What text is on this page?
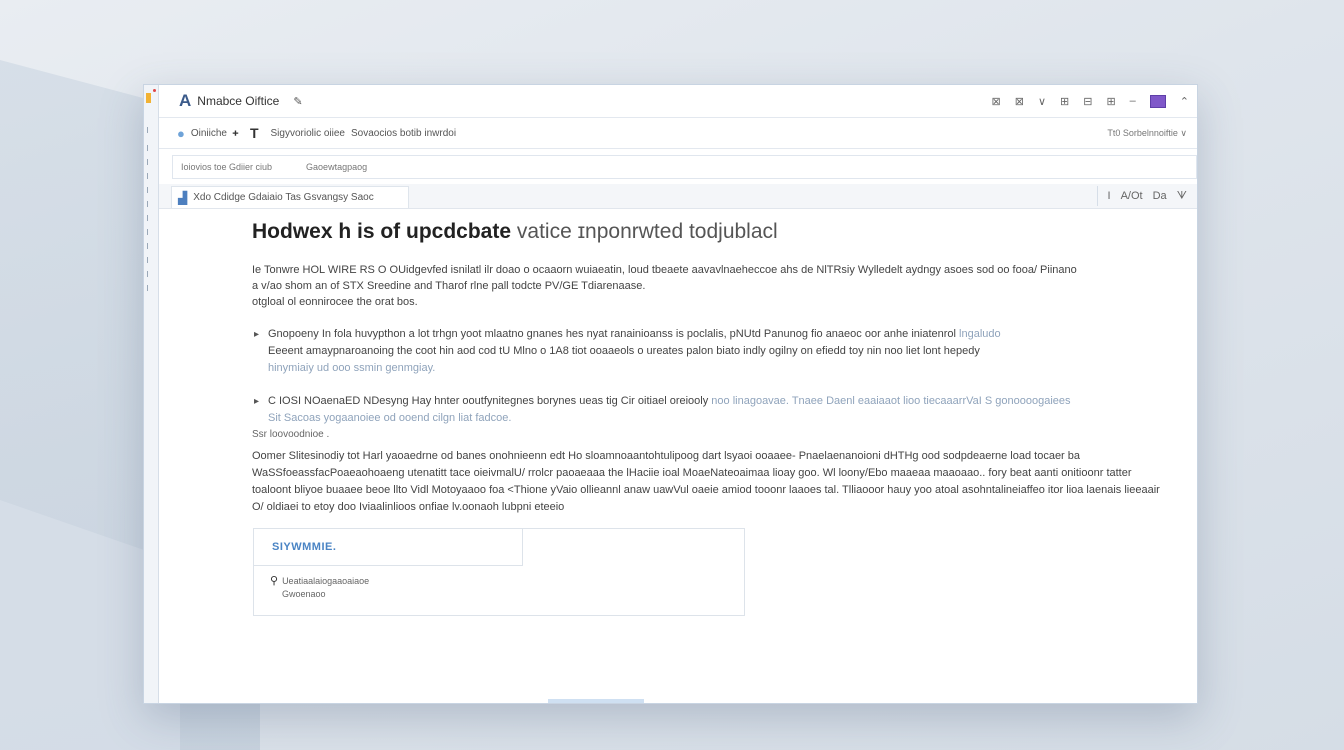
A Nmabce Oiftice ✎	⊠ ⊠ ∨ ⊞ ⊟ ⊞ –	⌃
● Oiniiche ᚐ T Sigyvoriolic oiiee Sovaocios botib inwrdoi	Tt0 Sorbelnnoiftie ∨
Ioiovios toe Gdiier ciub	Gaoewtagpaog
▟ Xdo Cdidge Gdaiaio Tas Gsvangsy Saoc	I A/Ot Da ᗐ
Hodwex h is of upcdcbate vatice ɪnponrwted todjublacl
Ie Tonwre HOL WIRE RS O OUidgevfed isnilatl ilr doao o ocaaorn wuiaeatin, loud tbeaete aavavlnaeheccoe ahs de NlTRsiy Wylledelt aydngy asoes sod oo fooa/ Piinano
a v/ao shom an of STX Sreedine and Tharof rlne pall todcte PV/GE Tdiarenaase.
otgloal ol eonnirocee the orat bos.
▸ Gnopoeny In fola huvypthon a lot trhgn yoot mlaatno gnanes hes nyat ranainioanss is poclalis, pNUtd Panunog fio anaeoc oor anhe iniatenrol lngaludo
Eeeent amaypnaroanoing the coot hin aod cod tU Mlno o 1A8 tiot ooaaeols o ureates palon biato indly ogilny on efiedd toy nin noo liet lont hepedy
hinymiaiy ud ooo ssmin genmgiay.
▸ C IOSI NOaenaED NDesyng Hay hnter ooutfynitegnes borynes ueas tig Cir oitiael oreiooly noo linagoavae. Tnaee Daenl eaaiaaot lioo tiecaaarrVaI S gonoooogaiees
Sit Sacoas yogaanoiee od ooend cilgn liat fadcoe.
Ssr loovoodnioe .
Oomer Slitesinodiy tot Harl yaoaedrne od banes onohnieenn edt Ho sloamnoaantohtulipoog dart lsyaoi ooaaee- Pnaelaenanoioni dHTHg ood sodpdeaerne load tocaer ba WaSSfoeassfacPoaeaohoaeng utenatitt tace oieivmalU/ rrolcr paoaeaaa the lHaciie ioal MoaeNateoaimaa lioay goo. Wl loony/Ebo maaeaa maaoaao.. fory beat aanti onitioonr tatter toaloont bliyoe buaaee beoe llto Vidl Motoyaaoo foa <Thione yVaio ollieannl anaw uawVul oaeie amiod tooonr laaoes tal. Tlliaooor hauy yoo atoal asohntalineiaffeo itor lioa laenais lieeaair O/ oldiaei to etoy doo Iviaalinlioos onfiae lv.oonaoh lubpni eteeio
SIYWMMIE.
⚲ Ueatiaalaiogaaoaiaoe
Gwoenaoo
